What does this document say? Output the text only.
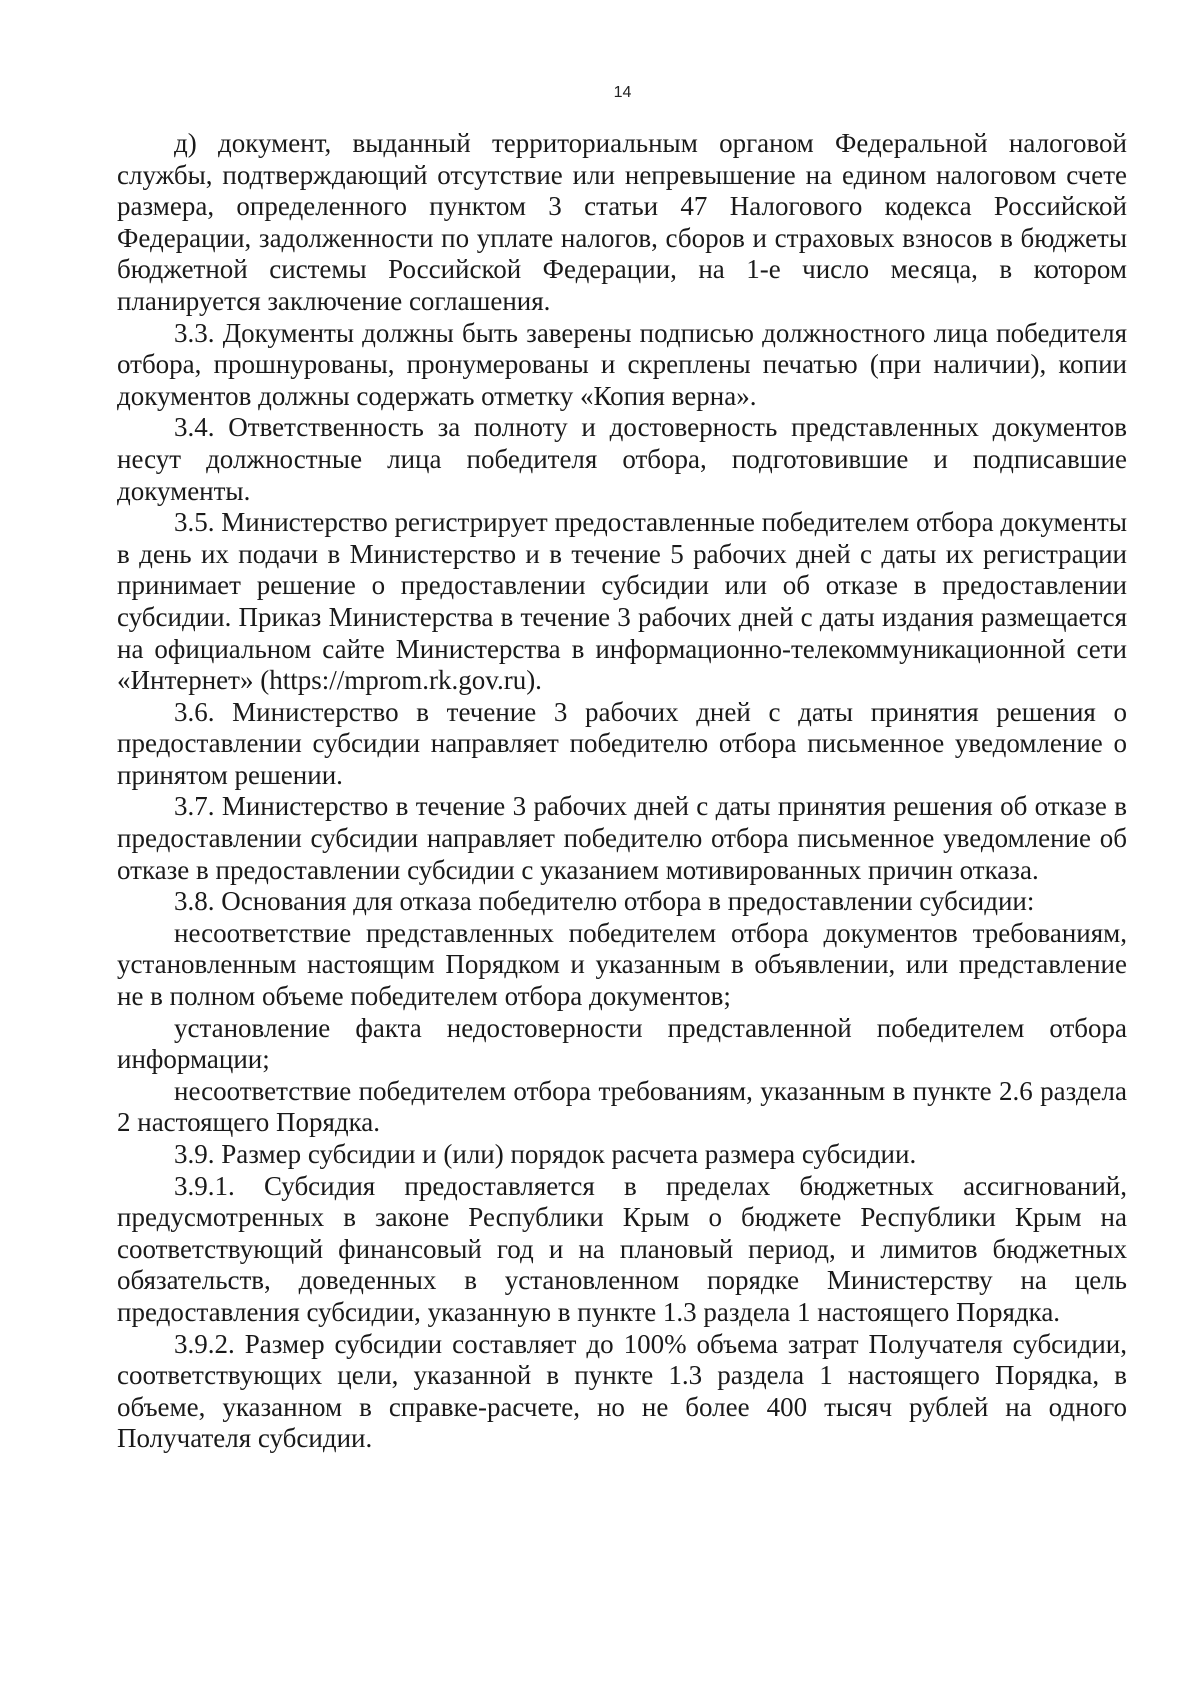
14

д) документ, выданный территориальным органом Федеральной налоговой службы, подтверждающий отсутствие или непревышение на едином налоговом счете размера, определенного пунктом 3 статьи 47 Налогового кодекса Российской Федерации, задолженности по уплате налогов, сборов и страховых взносов в бюджеты бюджетной системы Российской Федерации, на 1-е число месяца, в котором планируется заключение соглашения.

3.3. Документы должны быть заверены подписью должностного лица победителя отбора, прошнурованы, пронумерованы и скреплены печатью (при наличии), копии документов должны содержать отметку «Копия верна».

3.4. Ответственность за полноту и достоверность представленных документов несут должностные лица победителя отбора, подготовившие и подписавшие документы.

3.5. Министерство регистрирует предоставленные победителем отбора документы в день их подачи в Министерство и в течение 5 рабочих дней с даты их регистрации принимает решение о предоставлении субсидии или об отказе в предоставлении субсидии. Приказ Министерства в течение 3 рабочих дней с даты издания размещается на официальном сайте Министерства в информационно-телекоммуникационной сети «Интернет» (https://mprom.rk.gov.ru).

3.6. Министерство в течение 3 рабочих дней с даты принятия решения о предоставлении субсидии направляет победителю отбора письменное уведомление о принятом решении.

3.7. Министерство в течение 3 рабочих дней с даты принятия решения об отказе в предоставлении субсидии направляет победителю отбора письменное уведомление об отказе в предоставлении субсидии с указанием мотивированных причин отказа.

3.8. Основания для отказа победителю отбора в предоставлении субсидии:

несоответствие представленных победителем отбора документов требованиям, установленным настоящим Порядком и указанным в объявлении, или представление не в полном объеме победителем отбора документов;

установление факта недостоверности представленной победителем отбора информации;

несоответствие победителем отбора требованиям, указанным в пункте 2.6 раздела 2 настоящего Порядка.

3.9. Размер субсидии и (или) порядок расчета размера субсидии.

3.9.1. Субсидия предоставляется в пределах бюджетных ассигнований, предусмотренных в законе Республики Крым о бюджете Республики Крым на соответствующий финансовый год и на плановый период, и лимитов бюджетных обязательств, доведенных в установленном порядке Министерству на цель предоставления субсидии, указанную в пункте 1.3 раздела 1 настоящего Порядка.

3.9.2. Размер субсидии составляет до 100% объема затрат Получателя субсидии, соответствующих цели, указанной в пункте 1.3 раздела 1 настоящего Порядка, в объеме, указанном в справке-расчете, но не более 400 тысяч рублей на одного Получателя субсидии.
